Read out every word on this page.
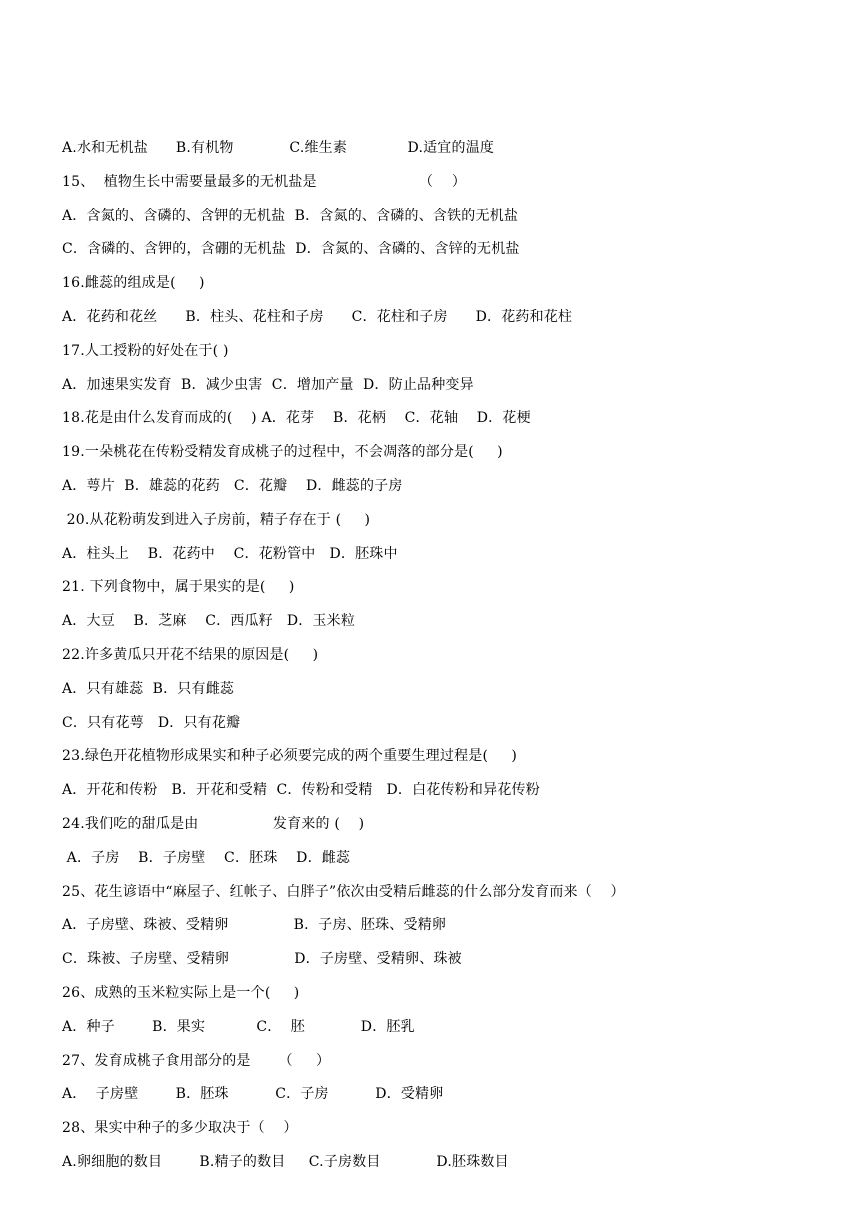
A.水和无机盐      B.有机物            C.维生素             D.适宜的温度
15、  植物生长中需要量最多的无机盐是                      （    ）
A．含氮的、含磷的、含钾的无机盐  B．含氮的、含磷的、含铁的无机盐
C．含磷的、含钾的，含硼的无机盐  D．含氮的、含磷的、含锌的无机盐
16.雌蕊的组成是(     )
A．花药和花丝      B．柱头、花柱和子房      C．花柱和子房      D．花药和花柱
17.人工授粉的好处在于( )
A．加速果实发育  B．减少虫害  C．增加产量  D．防止品种变异
18.花是由什么发育而成的(    ) A．花芽    B．花柄    C．花轴    D．花梗
19.一朵桃花在传粉受精发育成桃子的过程中，不会凋落的部分是(     )
A．萼片  B．雄蕊的花药   C．花瓣    D．雌蕊的子房
20.从花粉萌发到进入子房前，精子存在于 (     )
A．柱头上    B．花药中    C．花粉管中   D．胚珠中
21. 下列食物中，属于果实的是(     )
A．大豆    B．芝麻    C．西瓜籽   D．玉米粒
22.许多黄瓜只开花不结果的原因是(     )
A．只有雄蕊  B．只有雌蕊
C．只有花萼   D．只有花瓣
23.绿色开花植物形成果实和种子必须要完成的两个重要生理过程是(     )
A．开花和传粉   B．开花和受精  C．传粉和受精   D．白花传粉和异花传粉
24.我们吃的甜瓜是由                发育来的 (    )
A．子房    B．子房壁    C．胚珠    D．雌蕊
25、花生谚语中“麻屋子、红帐子、白胖子”依次由受精后雌蕊的什么部分发育而来（    ）
A．子房壁、珠被、受精卵              B．子房、胚珠、受精卵
C．珠被、子房壁、受精卵              D．子房壁、受精卵、珠被
26、成熟的玉米粒实际上是一个(     )
A．种子        B．果实           C．  胚            D．胚乳
27、发育成桃子食用部分的是      （     ）
A．  子房壁        B．胚珠          C．子房          D．受精卵
28、果实中种子的多少取决于（    ）
A.卵细胞的数目        B.精子的数目     C.子房数目            D.胚珠数目
